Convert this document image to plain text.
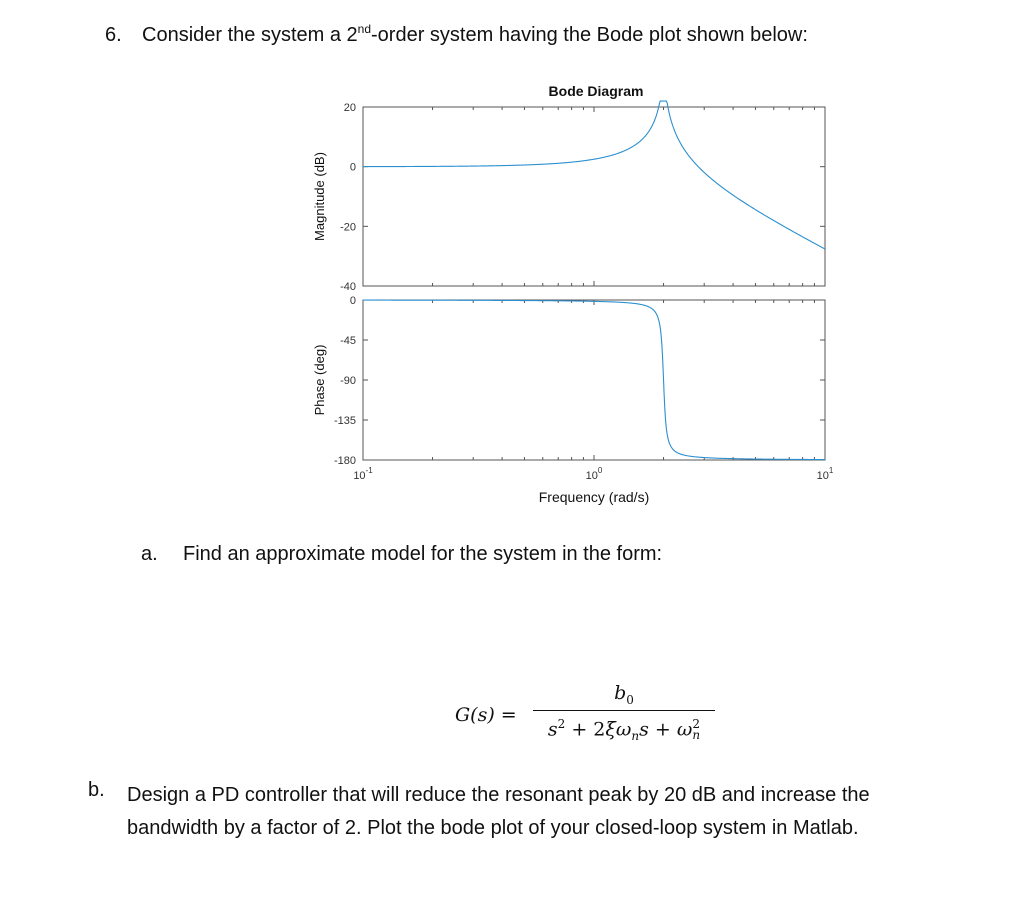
6. Consider the system a 2nd-order system having the Bode plot shown below:
Bode Diagram
20
0
-20
-40
Magnitude (dB)
0
-45
-90
-135
-180
Phase (deg)
$10^{-1}$	$10^0$	$10^1$
Frequency (rad/s)
a. Find an approximate model for the system in the form:
G(s) =
$b_0$
$s^2 + 2\xi\omega_ns + \omega 2$
n
b. Design a PD controller that will reduce the resonant peak by 20 dB and increase the
bandwidth by a factor of 2. Plot the bode plot of your closed-loop system in Matlab.
